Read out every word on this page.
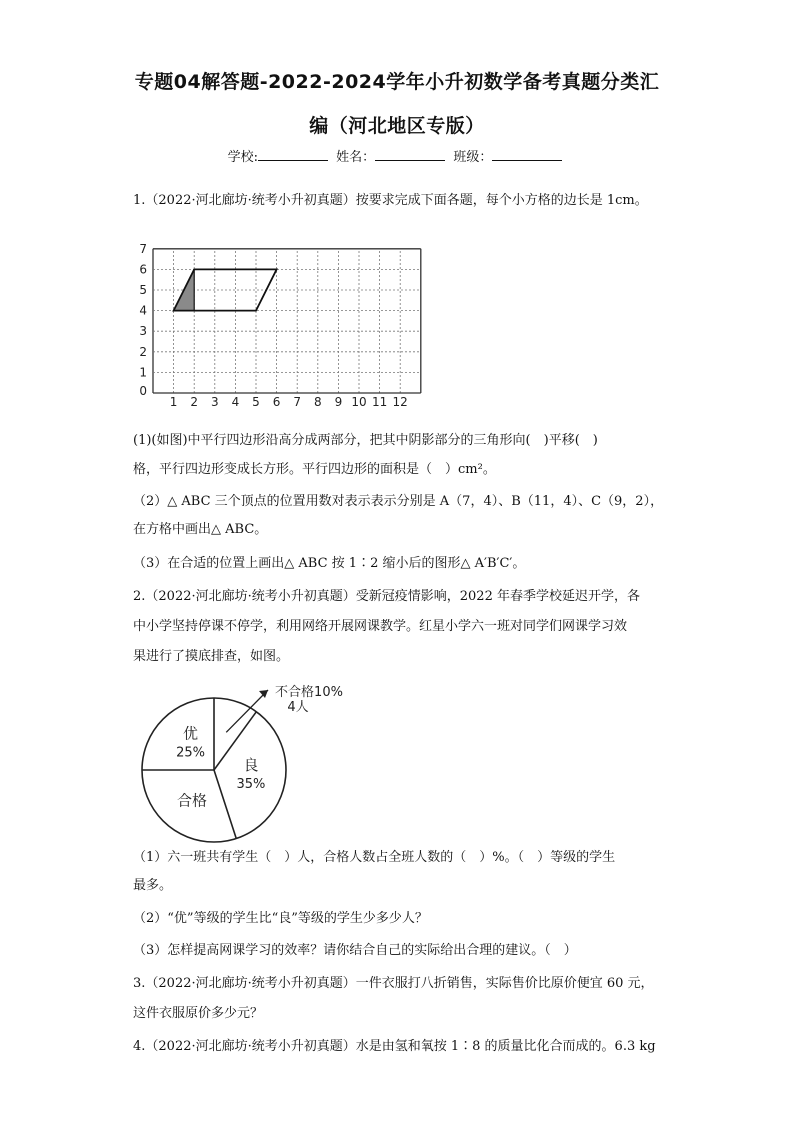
专题04解答题-2022-2024学年小升初数学备考真题分类汇
编（河北地区专版）
学校:	姓名：	班级：
1.（2022·河北廊坊·统考小升初真题）按要求完成下面各题，每个小方格的边长是 1cm。
1 2 3 4 5 6 7 8 9 10 11 12
0
1
2
3
4
5
6
7
(1)(如图)中平行四边形沿高分成两部分，把其中阴影部分的三角形向(　)平移(　)
格，平行四边形变成长方形。平行四边形的面积是（　）cm²。
（2）△ ABC 三个顶点的位置用数对表示表示分别是 A（7，4）、B（11，4）、C（9，2），
在方格中画出△ ABC。
（3）在合适的位置上画出△ ABC 按 1∶2 缩小后的图形△ A′B′C′。
2.（2022·河北廊坊·统考小升初真题）受新冠疫情影响，2022 年春季学校延迟开学，各
中小学坚持停课不停学，利用网络开展网课教学。红星小学六一班对同学们网课学习效
果进行了摸底排查，如图。
优
25%
良
35%
合格
不合格10%
4人
（1）六一班共有学生（　）人，合格人数占全班人数的（　）%。（　）等级的学生
最多。
（2）“优”等级的学生比“良”等级的学生少多少人？
（3）怎样提高网课学习的效率？请你结合自己的实际给出合理的建议。（　）
3.（2022·河北廊坊·统考小升初真题）一件衣服打八折销售，实际售价比原价便宜 60 元，
这件衣服原价多少元？
4.（2022·河北廊坊·统考小升初真题）水是由氢和氧按 1∶8 的质量比化合而成的。6.3 kg
